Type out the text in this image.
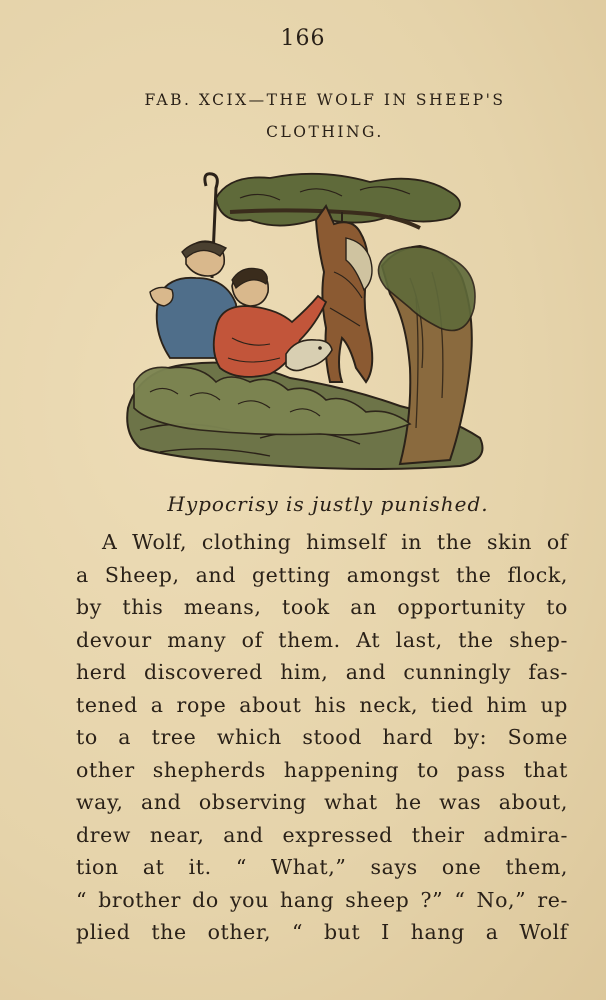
166
FAB. XCIX—THE WOLF IN SHEEP'S
CLOTHING.
Hypocrisy is justly punished.
A Wolf, clothing himself in the skin of
a Sheep, and getting amongst the flock,
by this means, took an opportunity to
devour many of them. At last, the shep-
herd discovered him, and cunningly fas-
tened a rope about his neck, tied him up
to a tree which stood hard by: Some
other shepherds happening to pass that
way, and observing what he was about,
drew near, and expressed their admira-
tion at it. “ What,” says one them,
“ brother do you hang sheep ?” “ No,” re-
plied the other, “ but I hang a Wolf
